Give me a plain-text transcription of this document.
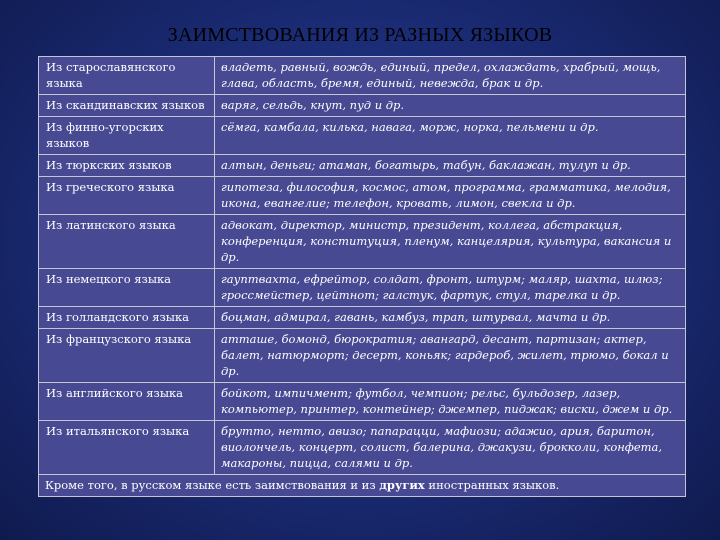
ЗАИМСТВОВАНИЯ ИЗ РАЗНЫХ ЯЗЫКОВ
Из старославянского языка	владеть, равный, вождь, единый, предел, охлаждать, храбрый, мощь, глава, область, бремя, единый, невежда, брак и др.
Из скандинавских языков	варяг, сельдь, кнут, пуд и др.
Из финно-угорских языков	сёмга, камбала, килька, навага, морж, норка, пельмени и др.
Из тюркских языков	алтын, деньги; атаман, богатырь, табун, баклажан, тулуп и др.
Из греческого языка	гипотеза, философия, космос, атом, программа, грамматика, мелодия, икона, евангелие; телефон, кровать, лимон, свекла и др.
Из латинского языка	адвокат, директор, министр, президент, коллега, абстракция, конференция, конституция, пленум, канцелярия, культура, вакансия и др.
Из немецкого языка	гауптвахта, ефрейтор, солдат, фронт, штурм; маляр, шахта, шлюз; гроссмейстер, цейтнот; галстук, фартук, стул, тарелка и др.
Из голландского языка	боцман, адмирал, гавань, камбуз, трап, штурвал, мачта и др.
Из французского языка	атташе, бомонд, бюрократия; авангард, десант, партизан; актер, балет, натюрморт; десерт, коньяк; гардероб, жилет, трюмо, бокал и др.
Из английского языка	бойкот, импичмент; футбол, чемпион; рельс, бульдозер, лазер, компьютер, принтер, контейнер; джемпер, пиджак; виски, джем и др.
Из итальянского языка	брутто, нетто, авизо; папарацци, мафиози; адажио, ария, баритон, виолончель, концерт, солист, балерина, джакузи, брокколи, конфета, макароны, пицца, салями и др.
Кроме того, в русском языке есть заимствования и из других иностранных языков.	
